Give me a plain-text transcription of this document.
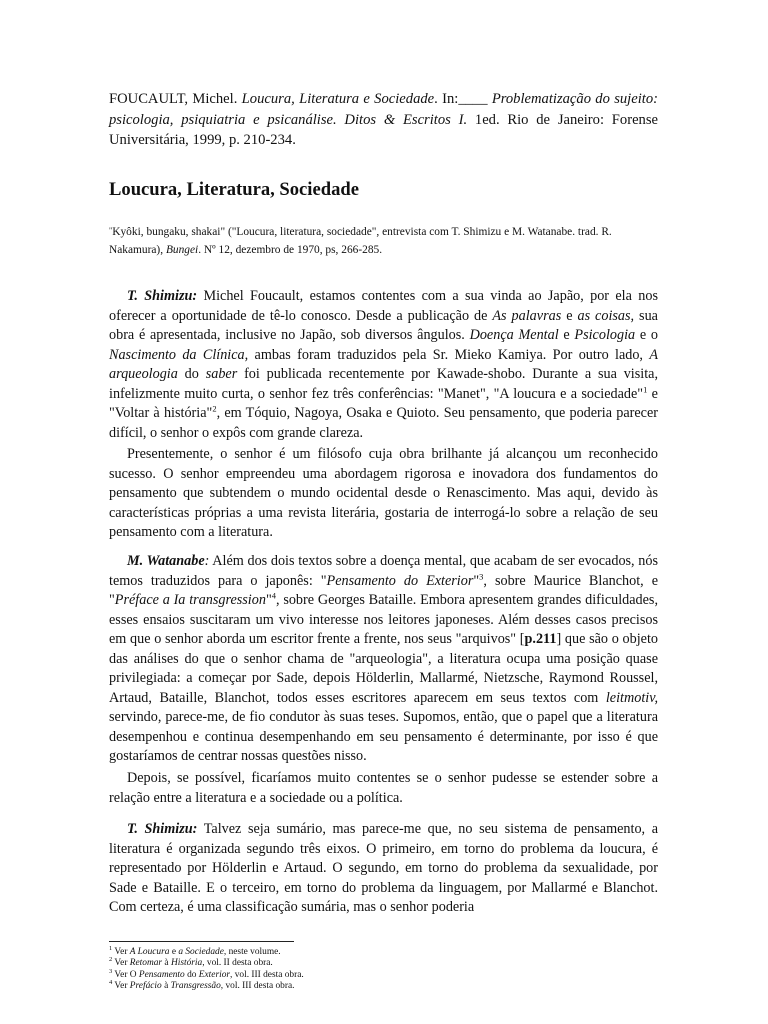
FOUCAULT, Michel. Loucura, Literatura e Sociedade. In:____ Problematização do sujeito: psicologia, psiquiatria e psicanálise. Ditos & Escritos I. 1ed. Rio de Janeiro: Forense Universitária, 1999, p. 210-234.
Loucura, Literatura, Sociedade
"Kyôki, bungaku, shakai" ("Loucura, literatura, sociedade", entrevista com T. Shimizu e M. Watanabe. trad. R. Nakamura), Bungei. Nº 12, dezembro de 1970, ps, 266-285.

T. Shimizu: Michel Foucault, estamos contentes com a sua vinda ao Japão, por ela nos oferecer a oportunidade de tê-lo conosco. Desde a publicação de As palavras e as coisas, sua obra é apresentada, inclusive no Japão, sob diversos ângulos. Doença Mental e Psicologia e o Nascimento da Clínica, ambas foram traduzidos pela Sr. Mieko Kamiya. Por outro lado, A arqueologia do saber foi publicada recentemente por Kawade-shobo. Durante a sua visita, infelizmente muito curta, o senhor fez três conferências: "Manet", "A loucura e a sociedade"$^1$ e "Voltar à história"$^2$, em Tóquio, Nagoya, Osaka e Quioto. Seu pensamento, que poderia parecer difícil, o senhor o expôs com grande clareza.

Presentemente, o senhor é um filósofo cuja obra brilhante já alcançou um reconhecido sucesso. O senhor empreendeu uma abordagem rigorosa e inovadora dos fundamentos do pensamento que subtendem o mundo ocidental desde o Renascimento. Mas aqui, devido às características próprias a uma revista literária, gostaria de interrogá-lo sobre a relação de seu pensamento com a literatura.

M. Watanabe: Além dos dois textos sobre a doença mental, que acabam de ser evocados, nós temos traduzidos para o japonês: "Pensamento do Exterior"$^3$, sobre Maurice Blanchot, e "Préface a Ia transgression"$^4$, sobre Georges Bataille. Embora apresentem grandes dificuldades, esses ensaios suscitaram um vivo interesse nos leitores japoneses. Além desses casos precisos em que o senhor aborda um escritor frente a frente, nos seus "arquivos" [p.211] que são o objeto das análises do que o senhor chama de "arqueologia", a literatura ocupa uma posição quase privilegiada: a começar por Sade, depois Hölderlin, Mallarmé, Nietzsche, Raymond Roussel, Artaud, Bataille, Blanchot, todos esses escritores aparecem em seus textos com leitmotiv, servindo, parece-me, de fio condutor às suas teses. Supomos, então, que o papel que a literatura desempenhou e continua desempenhando em seu pensamento é determinante, por isso é que gostaríamos de centrar nossas questões nisso.

Depois, se possível, ficaríamos muito contentes se o senhor pudesse se estender sobre a relação entre a literatura e a sociedade ou a política.

T. Shimizu: Talvez seja sumário, mas parece-me que, no seu sistema de pensamento, a literatura é organizada segundo três eixos. O primeiro, em torno do problema da loucura, é representado por Hölderlin e Artaud. O segundo, em torno do problema da sexualidade, por Sade e Bataille. E o terceiro, em torno do problema da linguagem, por Mallarmé e Blanchot. Com certeza, é uma classificação sumária, mas o senhor poderia

$^1$ Ver A Loucura e a Sociedade, neste volume.
$^2$ Ver Retomar à História, vol. II desta obra.
$^3$ Ver O Pensamento do Exterior, vol. III desta obra.
$^4$ Ver Prefácio à Transgressão, vol. III desta obra.
